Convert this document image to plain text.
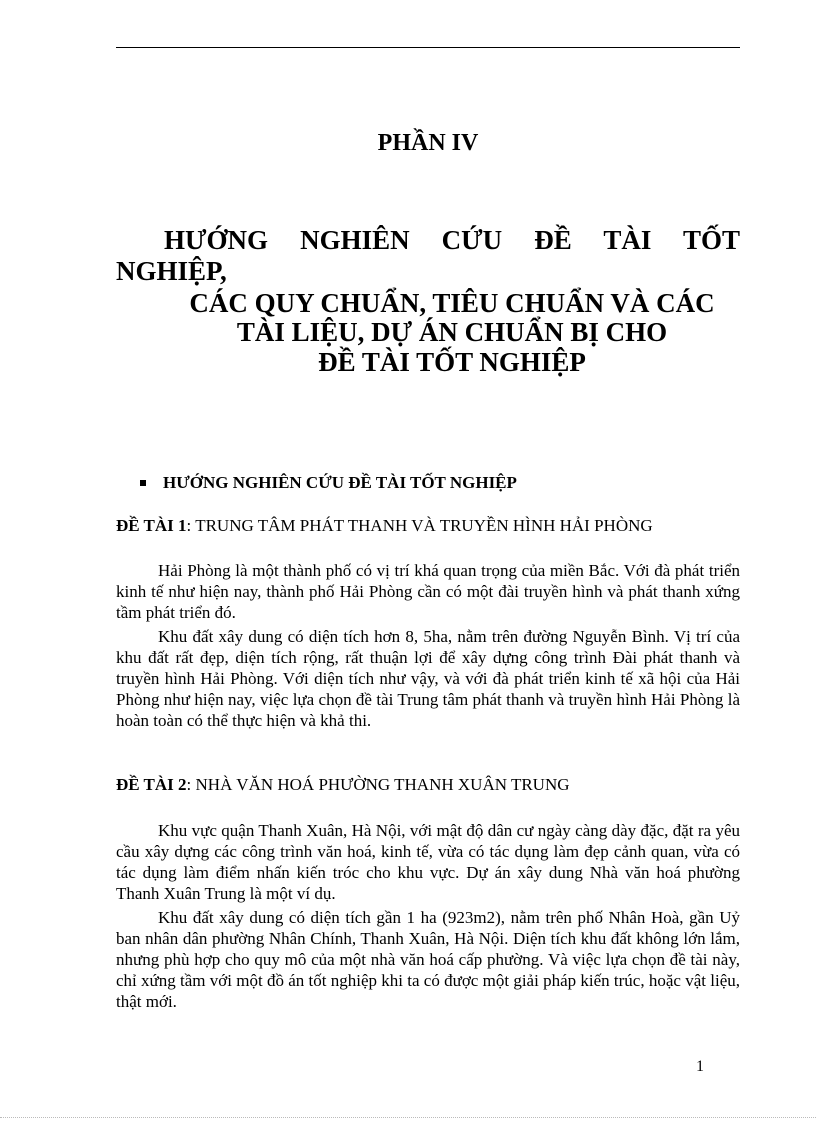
PHẦN IV
HƯỚNG NGHIÊN CỨU ĐỀ TÀI TỐT
NGHIỆP,
CÁC QUY CHUẨN, TIÊU CHUẨN VÀ CÁC
TÀI LIỆU, DỰ ÁN CHUẨN BỊ CHO
ĐỀ TÀI TỐT NGHIỆP
HƯỚNG NGHIÊN CỨU ĐỀ TÀI TỐT NGHIỆP
ĐỀ TÀI 1: TRUNG TÂM PHÁT THANH VÀ TRUYỀN HÌNH HẢI PHÒNG

Hải Phòng là một thành phố có vị trí khá quan trọng của miền Bắc. Với đà phát triển kinh tế như hiện nay, thành phố Hải Phòng cần có một đài truyền hình và phát thanh xứng tầm phát triển đó.

Khu đất xây dung có diện tích hơn 8, 5ha, nằm trên đường Nguyễn Bình. Vị trí của khu đất rất đẹp, diện tích rộng, rất thuận lợi để xây dựng công trình Đài phát thanh và truyền hình Hải Phòng. Với diện tích như vậy, và với đà phát triển kinh tế xã hội của Hải Phòng như hiện nay, việc lựa chọn đề tài Trung tâm phát thanh và truyền hình Hải Phòng là hoàn toàn có thể thực hiện và khả thi.

ĐỀ TÀI 2: NHÀ VĂN HOÁ PHƯỜNG THANH XUÂN TRUNG

Khu vực quận Thanh Xuân, Hà Nội, với mật độ dân cư ngày càng dày đặc, đặt ra yêu cầu xây dựng các công trình văn hoá, kinh tế, vừa có tác dụng làm đẹp cảnh quan, vừa có tác dụng làm điểm nhấn kiến tróc cho khu vực. Dự án xây dung Nhà văn hoá phường Thanh Xuân Trung là một ví dụ.

Khu đất xây dung có diện tích gần 1 ha (923m2), nằm trên phố Nhân Hoà, gần Uỷ ban nhân dân phường Nhân Chính, Thanh Xuân, Hà Nội. Diện tích khu đất không lớn lắm, nhưng phù hợp cho quy mô của một nhà văn hoá cấp phường. Và việc lựa chọn đề tài này, chỉ xứng tầm với một đồ án tốt nghiệp khi ta có được một giải pháp kiến trúc, hoặc vật liệu, thật mới.

1
